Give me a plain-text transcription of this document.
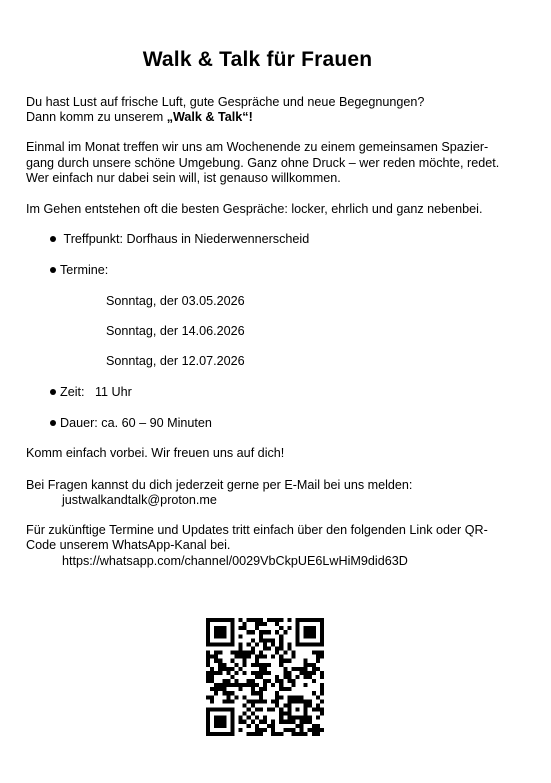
Walk & Talk für Frauen
Du hast Lust auf frische Luft, gute Gespräche und neue Begegnungen?
Dann komm zu unserem „Walk & Talk“!
Einmal im Monat treffen wir uns am Wochenende zu einem gemeinsamen Spazier-
gang durch unsere schöne Umgebung. Ganz ohne Druck – wer reden möchte, redet.
Wer einfach nur dabei sein will, ist genauso willkommen.
Im Gehen entstehen oft die besten Gespräche: locker, ehrlich und ganz nebenbei.
Treffpunkt: Dorfhaus in Niederwennerscheid
Termine:
Sonntag, der 03.05.2026
Sonntag, der 14.06.2026
Sonntag, der 12.07.2026
Zeit:   11 Uhr
Dauer: ca. 60 – 90 Minuten
Komm einfach vorbei. Wir freuen uns auf dich!
Bei Fragen kannst du dich jederzeit gerne per E-Mail bei uns melden:
justwalkandtalk@proton.me
Für zukünftige Termine und Updates tritt einfach über den folgenden Link oder QR-
Code unserem WhatsApp-Kanal bei.
https://whatsapp.com/channel/0029VbCkpUE6LwHiM9did63D
